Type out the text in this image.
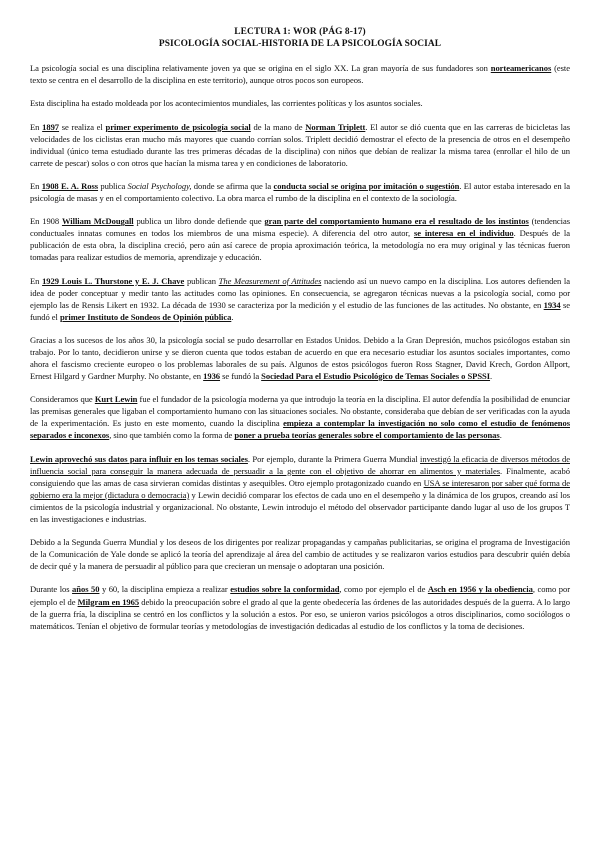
LECTURA 1: WOR (PÁG 8-17)
PSICOLOGÍA SOCIAL-HISTORIA DE LA PSICOLOGÍA SOCIAL

La psicología social es una disciplina relativamente joven ya que se origina en el siglo XX. La gran mayoría de sus fundadores son norteamericanos (este texto se centra en el desarrollo de la disciplina en este territorio), aunque otros pocos son europeos.

Esta disciplina ha estado moldeada por los acontecimientos mundiales, las corrientes políticas y los asuntos sociales.

En 1897 se realiza el primer experimento de psicología social de la mano de Norman Triplett. El autor se dió cuenta que en las carreras de bicicletas las velocidades de los ciclistas eran mucho más mayores que cuando corrían solos. Triplett decidió demostrar el efecto de la presencia de otros en el desempeño individual (único tema estudiado durante las tres primeras décadas de la disciplina) con niños que debían de realizar la misma tarea (enrollar el hilo de un carrete de pescar) solos o con otros que hacían la misma tarea y en condiciones de laboratorio.

En 1908 E. A. Ross publica Social Psychology, donde se afirma que la conducta social se origina por imitación o sugestión. El autor estaba interesado en la psicología de masas y en el comportamiento colectivo. La obra marca el rumbo de la disciplina en el contexto de la sociología.

En 1908 William McDougall publica un libro donde defiende que gran parte del comportamiento humano era el resultado de los instintos (tendencias conductuales innatas comunes en todos los miembros de una misma especie). A diferencia del otro autor, se interesa en el individuo. Después de la publicación de esta obra, la disciplina creció, pero aún así carece de propia aproximación teórica, la metodología no era muy original y las técnicas fueron tomadas para realizar estudios de memoria, aprendizaje y educación.

En 1929 Louis L. Thurstone y E. J. Chave publican The Measurement of Attitudes naciendo así un nuevo campo en la disciplina. Los autores defienden la idea de poder conceptuar y medir tanto las actitudes como las opiniones. En consecuencia, se agregaron técnicas nuevas a la psicología social, como por ejemplo las de Rensis Likert en 1932. La década de 1930 se caracteriza por la medición y el estudio de las funciones de las actitudes. No obstante, en 1934 se fundó el primer Instituto de Sondeos de Opinión pública.

Gracias a los sucesos de los años 30, la psicología social se pudo desarrollar en Estados Unidos. Debido a la Gran Depresión, muchos psicólogos estaban sin trabajo. Por lo tanto, decidieron unirse y se dieron cuenta que todos estaban de acuerdo en que era necesario estudiar los asuntos sociales importantes, como ahora el fascismo creciente europeo o los problemas laborales de su país. Algunos de estos psicólogos fueron Ross Stagner, David Krech, Gordon Allport, Ernest Hilgard y Gardner Murphy. No obstante, en 1936 se fundó la Sociedad Para el Estudio Psicológico de Temas Sociales o SPSSI.

Consideramos que Kurt Lewin fue el fundador de la psicología moderna ya que introdujo la teoría en la disciplina. El autor defendía la posibilidad de enunciar las premisas generales que ligaban el comportamiento humano con las situaciones sociales. No obstante, consideraba que debían de ser verificadas con la ayuda de la experimentación. Es justo en este momento, cuando la disciplina empieza a contemplar la investigación no solo como el estudio de fenómenos separados e inconexos, sino que también como la forma de poner a prueba teorías generales sobre el comportamiento de las personas.

Lewin aprovechó sus datos para influir en los temas sociales. Por ejemplo, durante la Primera Guerra Mundial investigó la eficacia de diversos métodos de influencia social para conseguir la manera adecuada de persuadir a la gente con el objetivo de ahorrar en alimentos y materiales. Finalmente, acabó consiguiendo que las amas de casa sirvieran comidas distintas y asequibles. Otro ejemplo protagonizado cuando en USA se interesaron por saber qué forma de gobierno era la mejor (dictadura o democracia) y Lewin decidió comparar los efectos de cada uno en el desempeño y la dinámica de los grupos, creando así los cimientos de la psicología industrial y organizacional. No obstante, Lewin introdujo el método del observador participante dando lugar al uso de los grupos T en las investigaciones e industrias.

Debido a la Segunda Guerra Mundial y los deseos de los dirigentes por realizar propagandas y campañas publicitarias, se origina el programa de Investigación de la Comunicación de Yale donde se aplicó la teoría del aprendizaje al área del cambio de actitudes y se realizaron varios estudios para descubrir quién debía de decir qué y la manera de persuadir al público para que crecieran un mensaje o adoptaran una posición.

Durante los años 50 y 60, la disciplina empieza a realizar estudios sobre la conformidad, como por ejemplo el de Asch en 1956 y la obediencia, como por ejemplo el de Milgram en 1965 debido la preocupación sobre el grado al que la gente obedecería las órdenes de las autoridades después de la guerra. A lo largo de la guerra fría, la disciplina se centró en los conflictos y la solución a estos. Por eso, se unieron varios psicólogos a otros disciplinarios, como sociólogos o matemáticos. Tenían el objetivo de formular teorías y metodologías de investigación dedicadas al estudio de los conflictos y la toma de decisiones.
